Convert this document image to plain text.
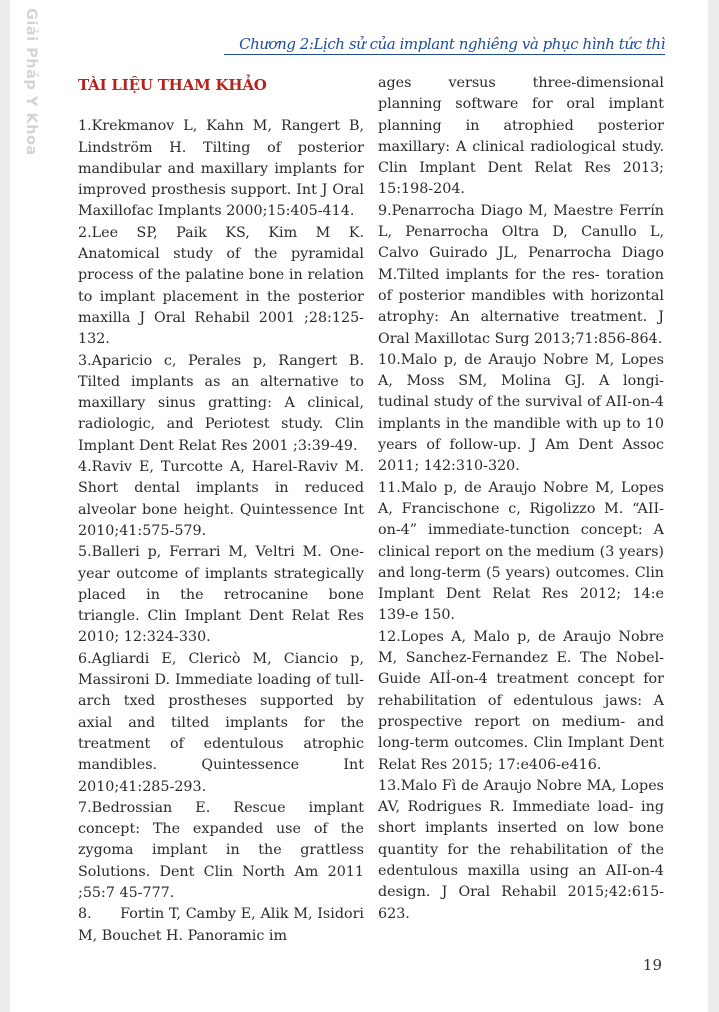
Giải Pháp Y Khoa	Chương 2:Lịch sử của implant nghiêng và phục hình tức thì
TÀI LIỆU THAM KHẢO

1.Krekmanov L, Kahn M, Rangert B, Lindström H. Tilting of posterior mandibular and maxillary implants for improved prosthesis support. Int J Oral Maxillofac Implants 2000;15:405-414.

2.Lee SP, Paik KS, Kim M K. Anatomical study of the pyramidal process of the palatine bone in relation to implant placement in the posterior maxilla J Oral Rehabil 2001 ;28:125-132.

3.Aparicio c, Perales p, Rangert B. Tilted implants as an alternative to maxillary sinus gratting: A clinical, radiologic, and Periotest study. Clin Implant Dent Relat Res 2001 ;3:39-49.

4.Raviv E, Turcotte A, Harel-Raviv M. Short dental implants in reduced alveolar bone height. Quintessence Int 2010;41:575-579.

5.Balleri p, Ferrari M, Veltri M. One-year outcome of implants strategically placed in the retrocanine bone triangle. Clin Implant Dent Relat Res 2010; 12:324-330.

6.Agliardi E, Clericò M, Ciancio p, Massironi D. Immediate loading of tull-arch txed prostheses supported by axial and tilted implants for the treatment of edentulous atrophic mandibles. Quintessence Int 2010;41:285-293.

7.Bedrossian E. Rescue implant concept: The expanded use of the zygoma implant in the grattless Solutions. Dent Clin North Am 2011 ;55:7 45-777.

8.      Fortin T, Camby E, Alik M, Isidori M, Bouchet H. Panoramic im

ages versus three-dimensional planning software for oral implant planning in atrophied posterior maxillary: A clinical radiological study. Clin Implant Dent Relat Res 2013; 15:198-204.

9.Penarrocha Diago M, Maestre Ferrín L, Penarrocha Oltra D, Canullo L, Calvo Guirado JL, Penarrocha Diago M.Tilted implants for the res- toration of posterior mandibles with horizontal atrophy: An alternative treatment. J Oral Maxillotac Surg 2013;71:856-864.

10.Malo p, de Araujo Nobre M, Lopes A, Moss SM, Molina GJ. A longi- tudinal study of the survival of AII-on-4 implants in the mandible with up to 10 years of follow-up. J Am Dent Assoc 2011; 142:310-320.

11.Malo p, de Araujo Nobre M, Lopes A, Francischone c, Rigolizzo M. “AII-on-4” immediate-tunction concept: A clinical report on the medium (3 years) and long-term (5 years) outcomes. Clin Implant Dent Relat Res 2012; 14:e 139-e 150.

12.Lopes A, Malo p, de Araujo Nobre M, Sanchez-Fernandez E. The Nobel-Guide AIİ-on-4 treatment concept for rehabilitation of edentulous jaws: A prospective report on medium- and long-term outcomes. Clin Implant Dent Relat Res 2015; 17:e406-e416.

13.Malo Fì de Araujo Nobre MA, Lopes AV, Rodrigues R. Immediate load- ing short implants inserted on low bone quantity for the rehabilitation of the edentulous maxilla using an AII-on-4 design. J Oral Rehabil 2015;42:615-623.

19
